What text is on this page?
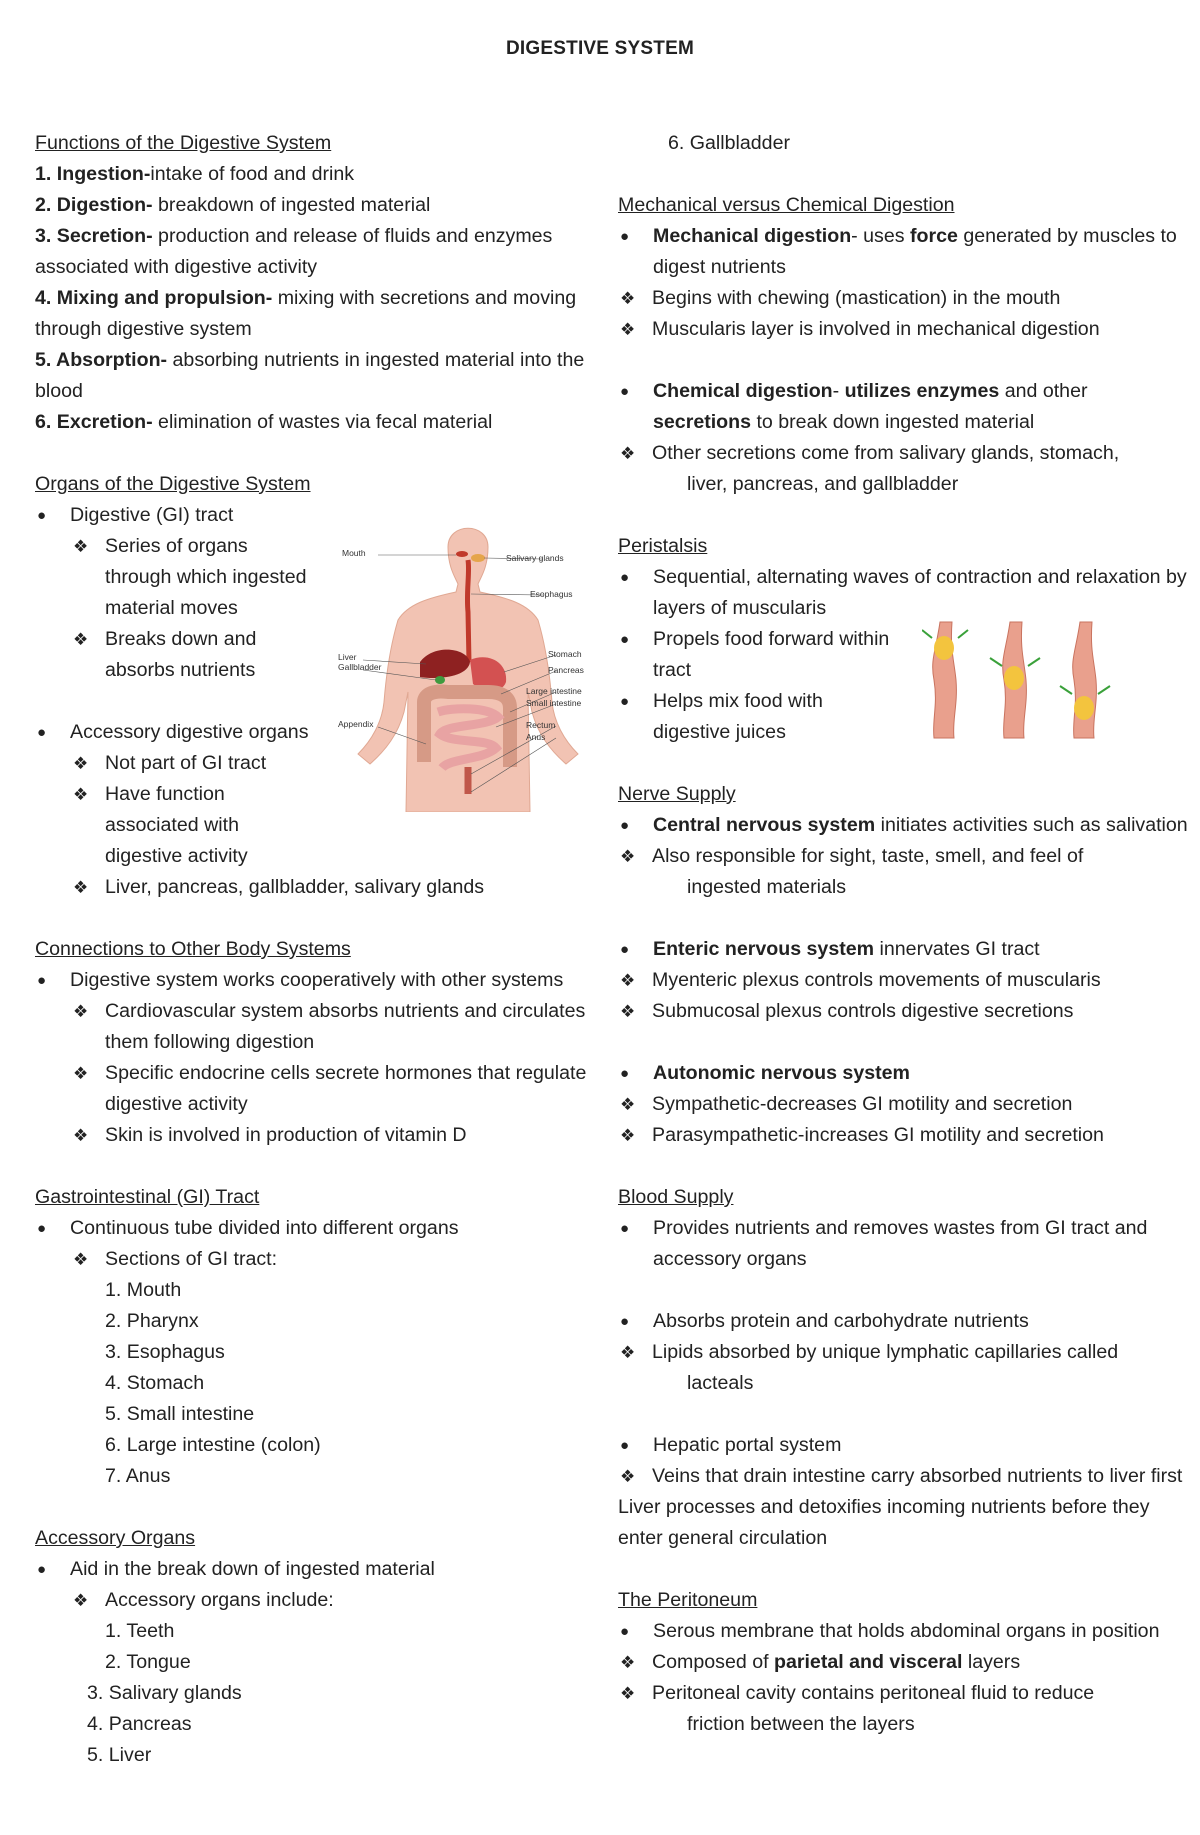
DIGESTIVE SYSTEM
Functions of the Digestive System
1. Ingestion-intake of food and drink
2. Digestion- breakdown of ingested material
3. Secretion- production and release of fluids and enzymes
associated with digestive activity
4. Mixing and propulsion- mixing with secretions and moving
through digestive system
5. Absorption- absorbing nutrients in ingested material into the
blood
6. Excretion- elimination of wastes via fecal material
Organs of the Digestive System
● Digestive (GI) tract
❖ Series of organs
through which ingested
material moves
❖ Breaks down and
absorbs nutrients
● Accessory digestive organs
❖ Not part of GI tract
❖ Have function
associated with
digestive activity
❖ Liver, pancreas, gallbladder, salivary glands
Connections to Other Body Systems
● Digestive system works cooperatively with other systems
❖ Cardiovascular system absorbs nutrients and circulates
them following digestion
❖ Specific endocrine cells secrete hormones that regulate
digestive activity
❖ Skin is involved in production of vitamin D
Gastrointestinal (GI) Tract
● Continuous tube divided into different organs
❖ Sections of GI tract:
1. Mouth
2. Pharynx
3. Esophagus
4. Stomach
5. Small intestine
6. Large intestine (colon)
7. Anus
Accessory Organs
● Aid in the break down of ingested material
❖ Accessory organs include:
1. Teeth
2. Tongue
3. Salivary glands
4. Pancreas
5. Liver
6. Gallbladder
Mechanical versus Chemical Digestion
● Mechanical digestion- uses force generated by muscles to
digest nutrients
❖ Begins with chewing (mastication) in the mouth
❖ Muscularis layer is involved in mechanical digestion
● Chemical digestion- utilizes enzymes and other
secretions to break down ingested material
❖ Other secretions come from salivary glands, stomach,
liver, pancreas, and gallbladder
Peristalsis
● Sequential, alternating waves of contraction and relaxation by
layers of muscularis
● Propels food forward within
tract
● Helps mix food with
digestive juices
Nerve Supply
● Central nervous system initiates activities such as salivation
❖ Also responsible for sight, taste, smell, and feel of
ingested materials
● Enteric nervous system innervates GI tract
❖ Myenteric plexus controls movements of muscularis
❖ Submucosal plexus controls digestive secretions
● Autonomic nervous system
❖ Sympathetic-decreases GI motility and secretion
❖ Parasympathetic-increases GI motility and secretion
Blood Supply
● Provides nutrients and removes wastes from GI tract and
accessory organs
● Absorbs protein and carbohydrate nutrients
❖ Lipids absorbed by unique lymphatic capillaries called
lacteals
● Hepatic portal system
❖ Veins that drain intestine carry absorbed nutrients to liver first
Liver processes and detoxifies incoming nutrients before they
enter general circulation
The Peritoneum
● Serous membrane that holds abdominal organs in position
❖ Composed of parietal and visceral layers
❖ Peritoneal cavity contains peritoneal fluid to reduce
friction between the layers
Mouth	Salivary glands
Esophagus
Liver
Gallbladder
Stomach
Pancreas
Large intestine
Small intestine
Appendix	Rectum
Anus
